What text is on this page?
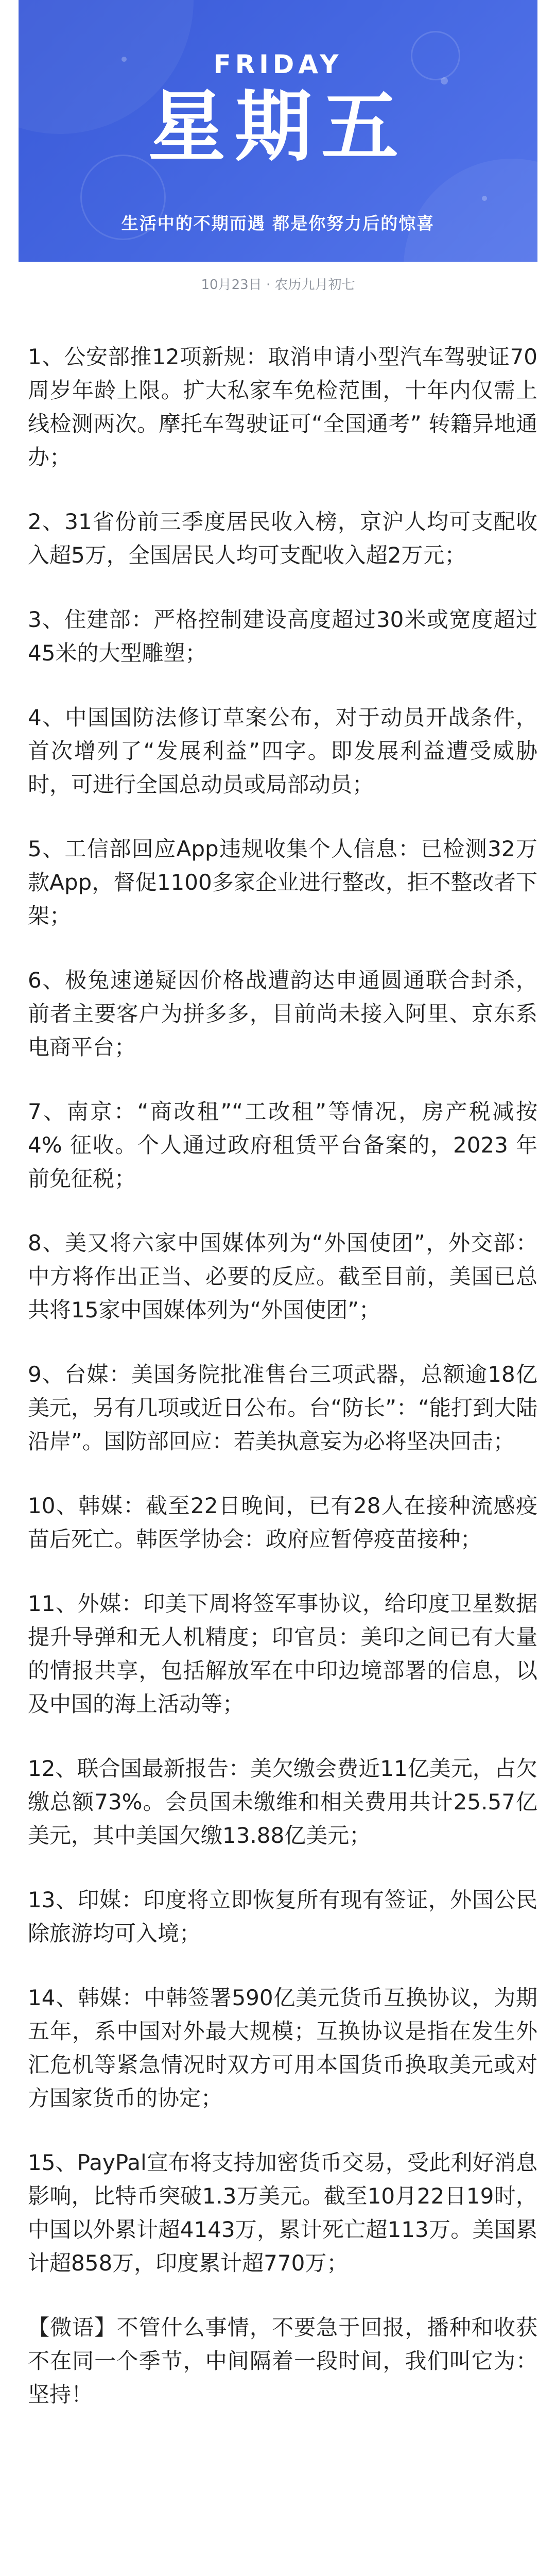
FRIDAY
星期五
生活中的不期而遇 都是你努力后的惊喜
10月23日 · 农历九月初七

1、公安部推12项新规：取消申请小型汽车驾驶证70周岁年龄上限。扩大私家车免检范围，十年内仅需上线检测两次。摩托车驾驶证可“全国通考” 转籍异地通办；

2、31省份前三季度居民收入榜，京沪人均可支配收入超5万，全国居民人均可支配收入超2万元；

3、住建部：严格控制建设高度超过30米或宽度超过45米的大型雕塑；

4、中国国防法修订草案公布，对于动员开战条件，首次增列了“发展利益”四字。即发展利益遭受威胁时，可进行全国总动员或局部动员；

5、工信部回应App违规收集个人信息：已检测32万款App，督促1100多家企业进行整改，拒不整改者下架；

6、极兔速递疑因价格战遭韵达申通圆通联合封杀，前者主要客户为拼多多，目前尚未接入阿里、京东系电商平台；

7、南京：“商改租”“工改租”等情况，房产税减按 4% 征收。个人通过政府租赁平台备案的，2023 年前免征税；

8、美又将六家中国媒体列为“外国使团”，外交部：中方将作出正当、必要的反应。截至目前，美国已总共将15家中国媒体列为“外国使团”；

9、台媒：美国务院批准售台三项武器，总额逾18亿美元，另有几项或近日公布。台“防长”：“能打到大陆沿岸”。国防部回应：若美执意妄为必将坚决回击；

10、韩媒：截至22日晚间，已有28人在接种流感疫苗后死亡。韩医学协会：政府应暂停疫苗接种；

11、外媒：印美下周将签军事协议，给印度卫星数据提升导弹和无人机精度；印官员：美印之间已有大量的情报共享，包括解放军在中印边境部署的信息，以及中国的海上活动等；

12、联合国最新报告：美欠缴会费近11亿美元，占欠缴总额73%。会员国未缴维和相关费用共计25.57亿美元，其中美国欠缴13.88亿美元；

13、印媒：印度将立即恢复所有现有签证，外国公民除旅游均可入境；

14、韩媒：中韩签署590亿美元货币互换协议，为期五年，系中国对外最大规模；互换协议是指在发生外汇危机等紧急情况时双方可用本国货币换取美元或对方国家货币的协定；

15、PayPal宣布将支持加密货币交易，受此利好消息影响，比特币突破1.3万美元。截至10月22日19时，中国以外累计超4143万，累计死亡超113万。美国累计超858万，印度累计超770万；

【微语】不管什么事情，不要急于回报，播种和收获不在同一个季节，中间隔着一段时间，我们叫它为：坚持！
